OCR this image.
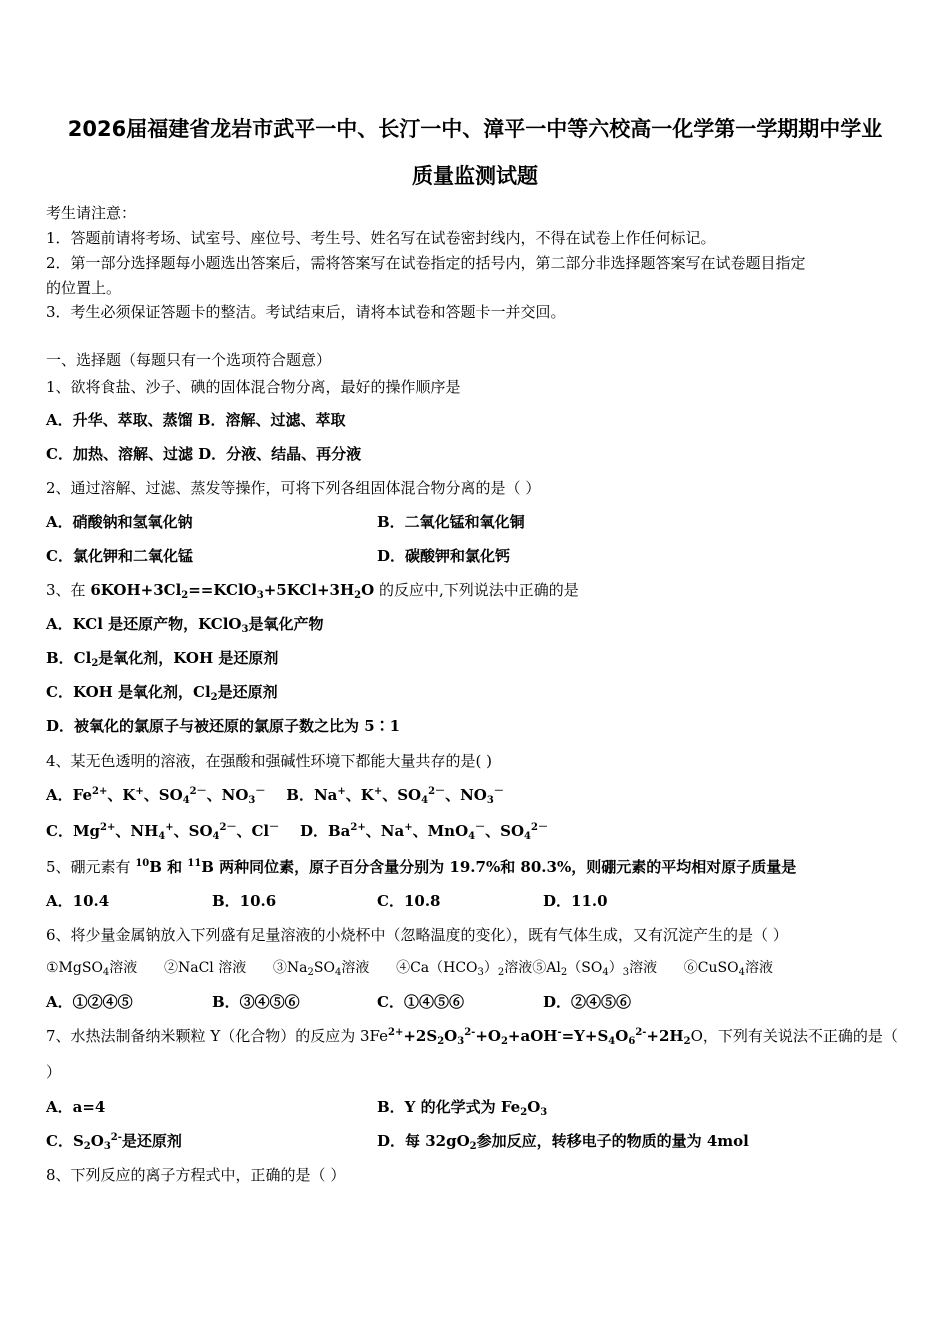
2026届福建省龙岩市武平一中、长汀一中、漳平一中等六校高一化学第一学期期中学业
质量监测试题
考生请注意：
1．答题前请将考场、试室号、座位号、考生号、姓名写在试卷密封线内，不得在试卷上作任何标记。
2．第一部分选择题每小题选出答案后，需将答案写在试卷指定的括号内，第二部分非选择题答案写在试卷题目指定
的位置上。
3．考生必须保证答题卡的整洁。考试结束后，请将本试卷和答题卡一并交回。
一、选择题（每题只有一个选项符合题意）
1、欲将食盐、沙子、碘的固体混合物分离，最好的操作顺序是
A．升华、萃取、蒸馏 B．溶解、过滤、萃取
C．加热、溶解、过滤 D．分液、结晶、再分液
2、通过溶解、过滤、蒸发等操作，可将下列各组固体混合物分离的是（ ）
A．硝酸钠和氢氧化钠	B．二氧化锰和氧化铜
C．氯化钾和二氧化锰	D．碳酸钾和氯化钙
3、在 $6KOH+3Cl_2==KClO_3+5KCl+3H_2O$ 的反应中,下列说法中正确的是
A．KCl 是还原产物，KClO$_3$是氧化产物
B．$Cl_2$是氧化剂，KOH 是还原剂
C．KOH 是氧化剂，$Cl_2$是还原剂
D．被氧化的氯原子与被还原的氯原子数之比为 5∶1
4、某无色透明的溶液，在强酸和强碱性环境下都能大量共存的是( )
A．$Fe^{2+}$、K+、$SO_4^{2-}$、$NO_3^-$    B．Na+、K+、$SO_4^{2-}$、$NO_3^-$
C．$Mg^{2+}$、$NH_4^+$、$SO_4^{2-}$、Cl－    D．$Ba^{2+}$、Na+、MnO$_4$－、$SO_4^{2-}$
5、硼元素有 $^{10}$B 和 $^{11}$B 两种同位素，原子百分含量分别为 19.7%和 80.3%，则硼元素的平均相对原子质量是
A．10.4	B．10.6	C．10.8	D．11.0
6、将少量金属钠放入下列盛有足量溶液的小烧杯中（忽略温度的变化），既有气体生成，又有沉淀产生的是（ ）
①MgSO$_4$溶液      ②NaCl 溶液      $③Na_2SO_4$溶液      $④Ca(HCO_3)_2$溶液$⑤Al_2(SO_4)_3$溶液      ⑥CuSO$_4$溶液
A．①②④⑤	B．③④⑤⑥	C．①④⑤⑥	D．②④⑤⑥
7、水热法制备纳米颗粒 Y（化合物）的反应为 $3Fe^{2+}+2S_2O_3^{2-}+O_2+aOH^-=Y+S_4O_6^{2-}+2H_2O$，下列有关说法不正确的是（
）
A．a=4	B．Y 的化学式为 $Fe_2O_3$
C．$S_2O_3^{2-}$是还原剂	D．每 $32gO_2$参加反应，转移电子的物质的量为 4mol
8、下列反应的离子方程式中，正确的是（ ）
